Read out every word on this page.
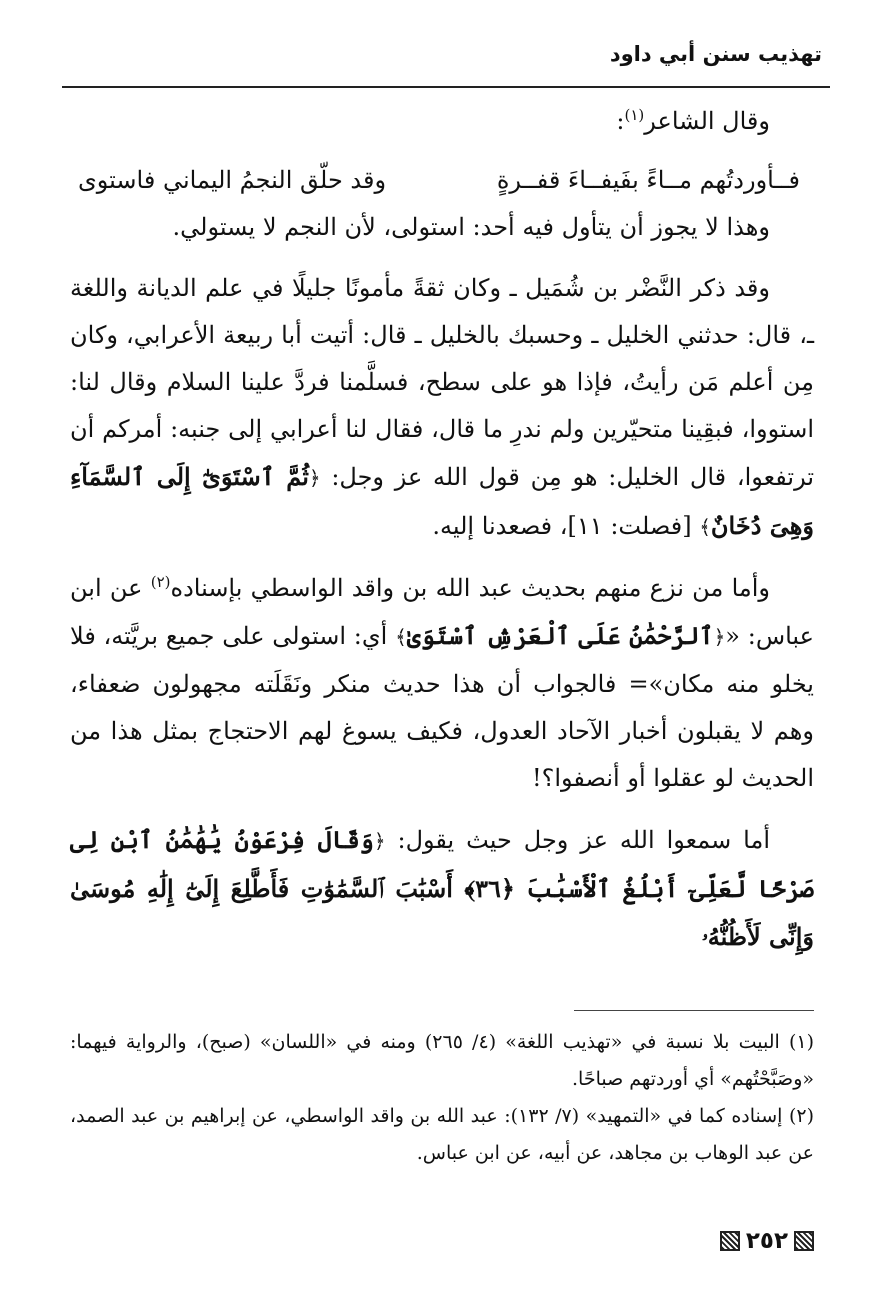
تهذيب سنن أبي داود

وقال الشاعر$^{(١)}$:

فــأوردتُهم مــاءً بفَيفــاءَ قفــرةٍ
وقد حلّق النجمُ اليماني فاستوى

وهذا لا يجوز أن يتأول فيه أحد: استولى، لأن النجم لا يستولي.

وقد ذكر النَّضْر بن شُمَيل ـ وكان ثقةً مأمونًا جليلًا في علم الديانة واللغة ـ، قال: حدثني الخليل ـ وحسبك بالخليل ـ قال: أتيت أبا ربيعة الأعرابي، وكان مِن أعلم مَن رأيتُ، فإذا هو على سطح، فسلَّمنا فردَّ علينا السلام وقال لنا: استووا، فبقِينا متحيّرين ولم ندرِ ما قال، فقال لنا أعرابي إلى جنبه: أمركم أن ترتفعوا، قال الخليل: هو مِن قول الله عز وجل: ﴿ثُمَّ ٱسْتَوَىٰٓ إِلَى ٱلسَّمَآءِ وَهِىَ دُخَانٌ﴾ [فصلت: ١١]، فصعدنا إليه.

وأما من نزع منهم بحديث عبد الله بن واقد الواسطي بإسناده$^{(٢)}$ عن ابن عباس: «﴿ٱلرَّحْمَٰنُ عَلَى ٱلْعَرْشِ ٱسْتَوَىٰ﴾ أي: استولى على جميع بريَّته، فلا يخلو منه مكان»= فالجواب أن هذا حديث منكر ونَقَلَته مجهولون ضعفاء، وهم لا يقبلون أخبار الآحاد العدول، فكيف يسوغ لهم الاحتجاج بمثل هذا من الحديث لو عقلوا أو أنصفوا؟!

أما سمعوا الله عز وجل حيث يقول: ﴿وَقَالَ فِرْعَوْنُ يَٰهَٰمَٰنُ ٱبْنِ لِى صَرْحًا لَّعَلِّىٓ أَبْلُغُ ٱلْأَسْبَٰبَ ﴿٣٦﴾ أَسْبَٰبَ ٱلسَّمَٰوَٰتِ فَأَطَّلِعَ إِلَىٰٓ إِلَٰهِ مُوسَىٰ وَإِنِّى لَأَظُنُّهُۥ

(١) البيت بلا نسبة في «تهذيب اللغة» (٤/ ٢٦٥) ومنه في «اللسان» (صبح)، والرواية فيهما: «وصَبَّحْتُهم» أي أوردتهم صباحًا.

(٢) إسناده كما في «التمهيد» (٧/ ١٣٢): عبد الله بن واقد الواسطي، عن إبراهيم بن عبد الصمد، عن عبد الوهاب بن مجاهد، عن أبيه، عن ابن عباس.

٢٥٢
